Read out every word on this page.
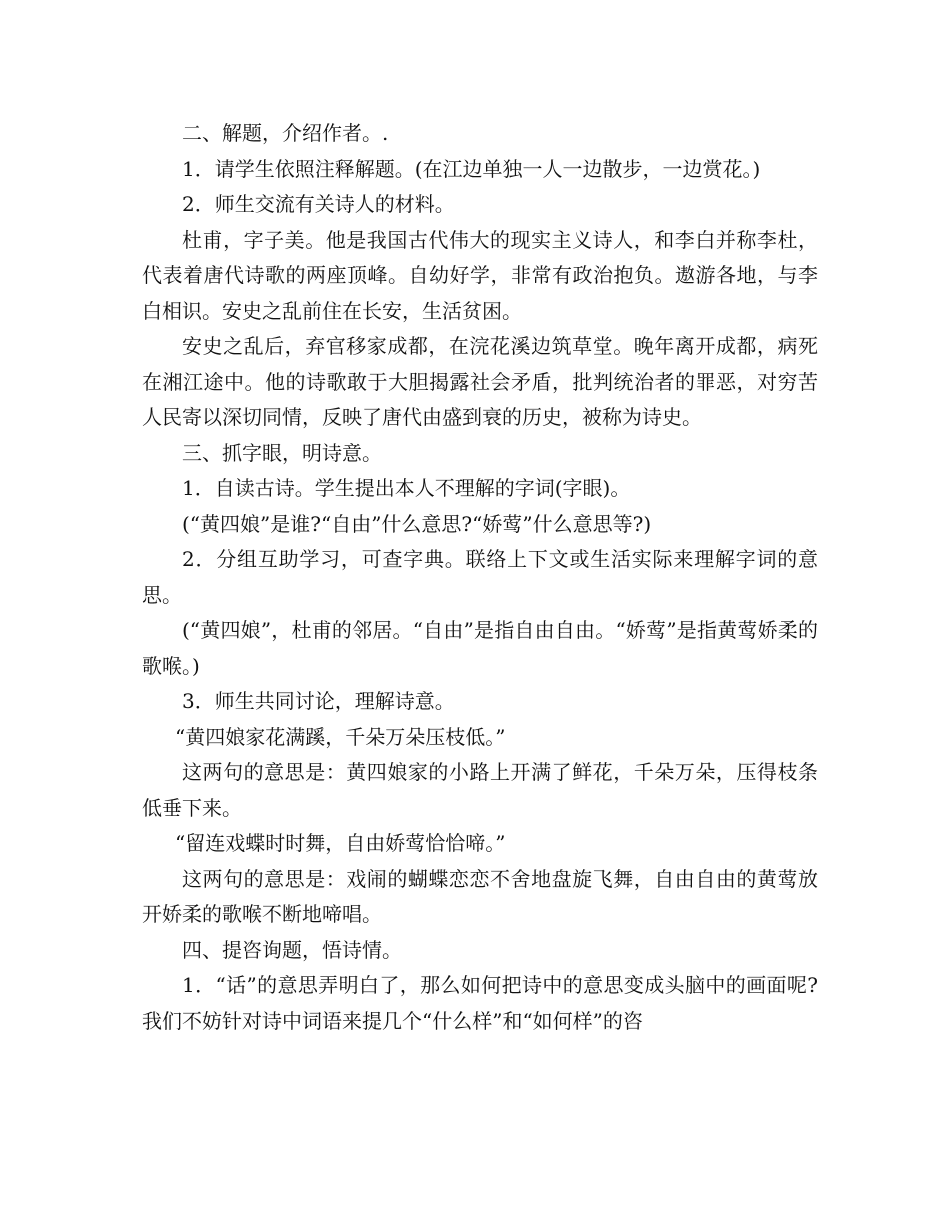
二、解题，介绍作者。.

1．请学生依照注释解题。(在江边单独一人一边散步，一边赏花。)

2．师生交流有关诗人的材料。

杜甫，字子美。他是我国古代伟大的现实主义诗人，和李白并称李杜，代表着唐代诗歌的两座顶峰。自幼好学，非常有政治抱负。遨游各地，与李白相识。安史之乱前住在长安，生活贫困。

安史之乱后，弃官移家成都，在浣花溪边筑草堂。晚年离开成都，病死在湘江途中。他的诗歌敢于大胆揭露社会矛盾，批判统治者的罪恶，对穷苦人民寄以深切同情，反映了唐代由盛到衰的历史，被称为诗史。

三、抓字眼，明诗意。

1．自读古诗。学生提出本人不理解的字词(字眼)。

(“黄四娘”是谁?“自由”什么意思?“娇莺”什么意思等?)

2．分组互助学习，可查字典。联络上下文或生活实际来理解字词的意思。

(“黄四娘”，杜甫的邻居。“自由”是指自由自由。“娇莺”是指黄莺娇柔的歌喉。)

3．师生共同讨论，理解诗意。

“黄四娘家花满蹊，千朵万朵压枝低。”

这两句的意思是：黄四娘家的小路上开满了鲜花，千朵万朵，压得枝条低垂下来。

“留连戏蝶时时舞，自由娇莺恰恰啼。”

这两句的意思是：戏闹的蝴蝶恋恋不舍地盘旋飞舞，自由自由的黄莺放开娇柔的歌喉不断地啼唱。

四、提咨询题，悟诗情。

1．“话”的意思弄明白了，那么如何把诗中的意思变成头脑中的画面呢?我们不妨针对诗中词语来提几个“什么样”和“如何样”的咨
